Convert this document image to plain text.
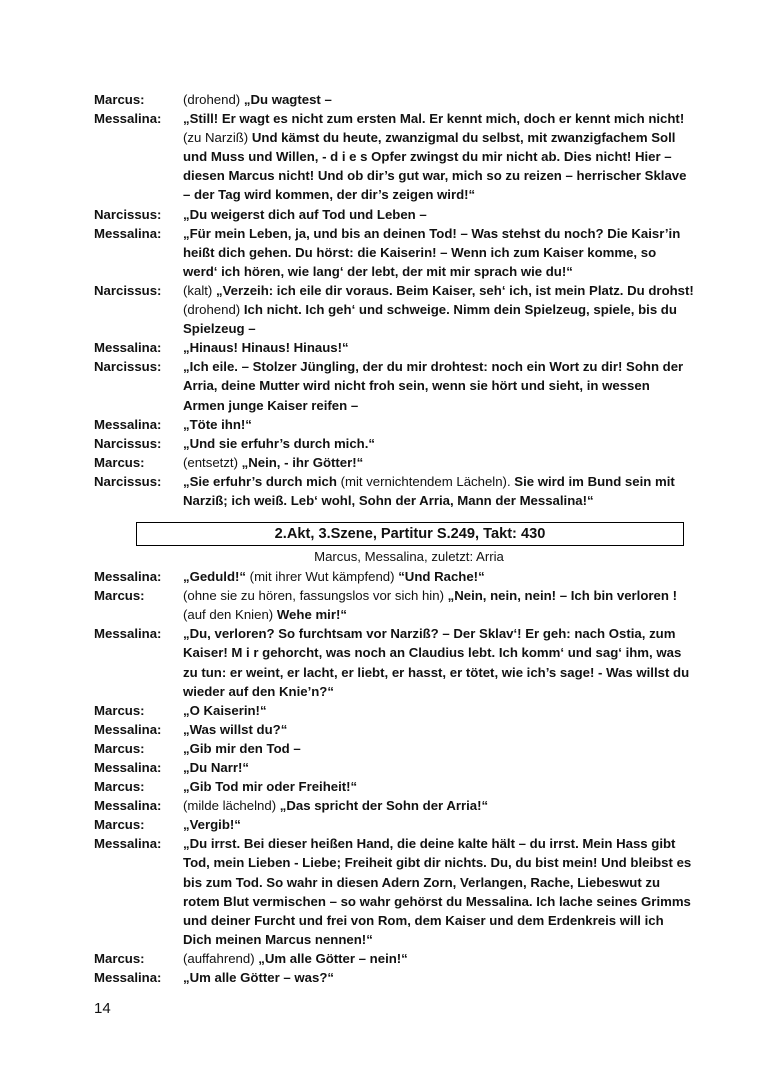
Marcus:	(drohend) „Du wagtest –
Messalina:	„Still! Er wagt es nicht zum ersten Mal. Er kennt mich, doch er kennt mich nicht! (zu Narziß) Und kämst du heute, zwanzigmal du selbst, mit zwanzigfachem Soll und Muss und Willen, - d i e s Opfer zwingst du mir nicht ab. Dies nicht! Hier – diesen Marcus nicht! Und ob dir’s gut war, mich so zu reizen – herrischer Sklave – der Tag wird kommen, der dir’s zeigen wird!“
Narcissus:	„Du weigerst dich auf Tod und Leben –
Messalina:	„Für mein Leben, ja, und bis an deinen Tod! – Was stehst du noch? Die Kaisr’in heißt dich gehen. Du hörst: die Kaiserin! – Wenn ich zum Kaiser komme, so werd‘ ich hören, wie lang‘ der lebt, der mit mir sprach wie du!“
Narcissus:	(kalt) „Verzeih: ich eile dir voraus. Beim Kaiser, seh‘ ich, ist mein Platz. Du drohst! (drohend) Ich nicht. Ich geh‘ und schweige. Nimm dein Spielzeug, spiele, bis du Spielzeug –
Messalina:	„Hinaus! Hinaus! Hinaus!“
Narcissus:	„Ich eile. – Stolzer Jüngling, der du mir drohtest: noch ein Wort zu dir! Sohn der Arria, deine Mutter wird nicht froh sein, wenn sie hört und sieht, in wessen Armen junge Kaiser reifen –
Messalina:	„Töte ihn!“
Narcissus:	„Und sie erfuhr’s durch mich.“
Marcus:	(entsetzt) „Nein, - ihr Götter!“
Narcissus:	„Sie erfuhr’s durch mich (mit vernichtendem Lächeln). Sie wird im Bund sein mit Narziß; ich weiß. Leb‘ wohl, Sohn der Arria, Mann der Messalina!“
2.Akt, 3.Szene, Partitur S.249, Takt: 430
Marcus, Messalina, zuletzt: Arria
Messalina:	„Geduld!“ (mit ihrer Wut kämpfend) “Und Rache!“
Marcus:	(ohne sie zu hören, fassungslos vor sich hin) „Nein, nein, nein! – Ich bin verloren ! (auf den Knien) Wehe mir!“
Messalina:	„Du, verloren? So furchtsam vor Narziß? – Der Sklav‘! Er geh: nach Ostia, zum Kaiser! M i r gehorcht, was noch an Claudius lebt. Ich komm‘ und sag‘ ihm, was zu tun: er weint, er lacht, er liebt, er hasst, er tötet, wie ich’s sage! - Was willst du wieder auf den Knie’n?“
Marcus:	„O Kaiserin!“
Messalina:	„Was willst du?“
Marcus:	„Gib mir den Tod –
Messalina:	„Du Narr!“
Marcus:	„Gib Tod mir oder Freiheit!“
Messalina:	(milde lächelnd) „Das spricht der Sohn der Arria!“
Marcus:	„Vergib!“
Messalina:	„Du irrst. Bei dieser heißen Hand, die deine kalte hält – du irrst. Mein Hass gibt Tod, mein Lieben - Liebe; Freiheit gibt dir nichts. Du, du bist mein! Und bleibst es bis zum Tod. So wahr in diesen Adern Zorn, Verlangen, Rache, Liebeswut zu rotem Blut vermischen – so wahr gehörst du Messalina. Ich lache seines Grimms und deiner Furcht und frei von Rom, dem Kaiser und dem Erdenkreis will ich Dich meinen Marcus nennen!“
Marcus:	(auffahrend) „Um alle Götter – nein!“
Messalina:	„Um alle Götter – was?“
14
